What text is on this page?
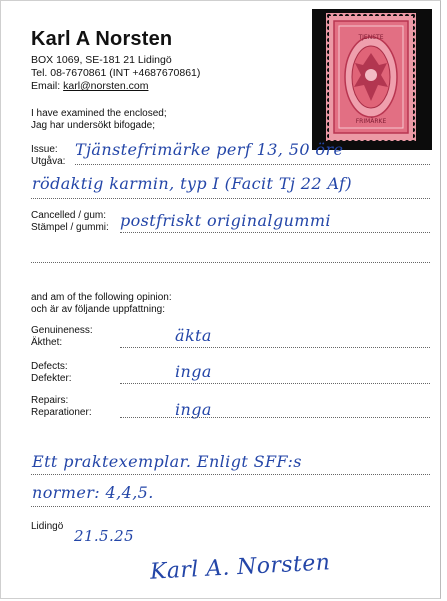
Karl A Norsten
BOX 1069, SE-181 21 Lidingö
Tel. 08-7670861 (INT +4687670861)
Email: karl@norsten.com
TJENSTE
FRIMÄRKE
I have examined the enclosed;
Jag har undersökt bifogade;
Issue:
Utgåva:
Tjänstefrimärke perf 13, 50 öre
rödaktig karmin, typ I (Facit Tj 22 Af)
Cancelled / gum:
Stämpel / gummi: postfriskt originalgummi
and am of the following opinion:
och är av följande uppfattning:
Genuineness:
Äkthet:	äkta
Defects:
Defekter:	inga
Repairs:
Reparationer:	inga
Ett praktexemplar. Enligt SFF:s
normer: 4,4,5.
Lidingö
21.5.25
Karl A. Norsten
